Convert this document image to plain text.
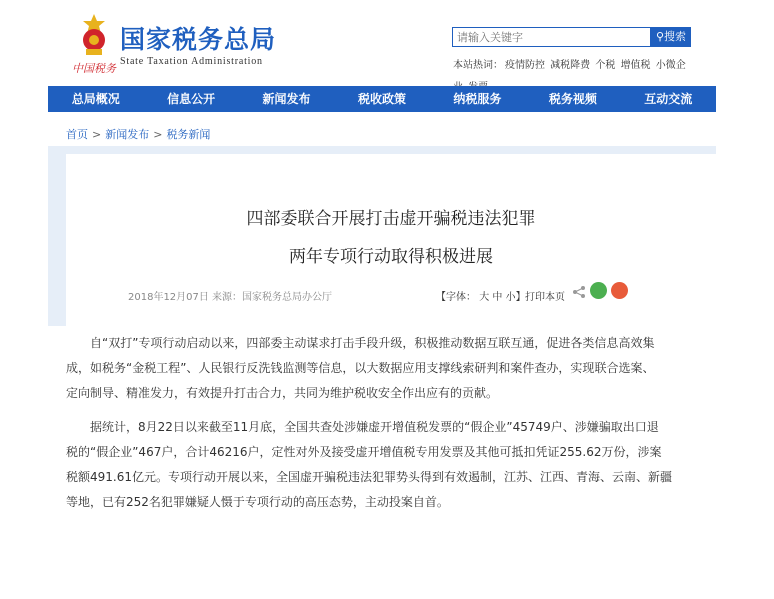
中国税务
国家税务总局
State Taxation Administration
请输入关键字
⚲搜索
本站热词： 疫情防控 减税降费 个税 增值税 小微企
总局概况	信息公开	新闻发布	税收政策	纳税服务	税务视频	互动交流
首页 > 新闻发布 > 税务新闻
四部委联合开展打击虚开骗税违法犯罪
两年专项行动取得积极进展
2018年12月07日 来源：国家税务总局办公厅	【字体： 大 中 小】 打印本页
自“双打”专项行动启动以来，四部委主动谋求打击手段升级，积极推动数据互联互通，促进各类信息高效集
成，如税务“金税工程”、人民银行反洗钱监测等信息，以大数据应用支撑线索研判和案件查办，实现联合选案、
定向制导、精准发力，有效提升打击合力，共同为维护税收安全作出应有的贡献。
据统计，8月22日以来截至11月底，全国共查处涉嫌虚开增值税发票的“假企业”45749户、涉嫌骗取出口退
税的“假企业”467户，合计46216户，定性对外及接受虚开增值税专用发票及其他可抵扣凭证255.62万份，涉案
税额491.61亿元。专项行动开展以来，全国虚开骗税违法犯罪势头得到有效遏制，江苏、江西、青海、云南、新疆
等地，已有252名犯罪嫌疑人慑于专项行动的高压态势，主动投案自首。
